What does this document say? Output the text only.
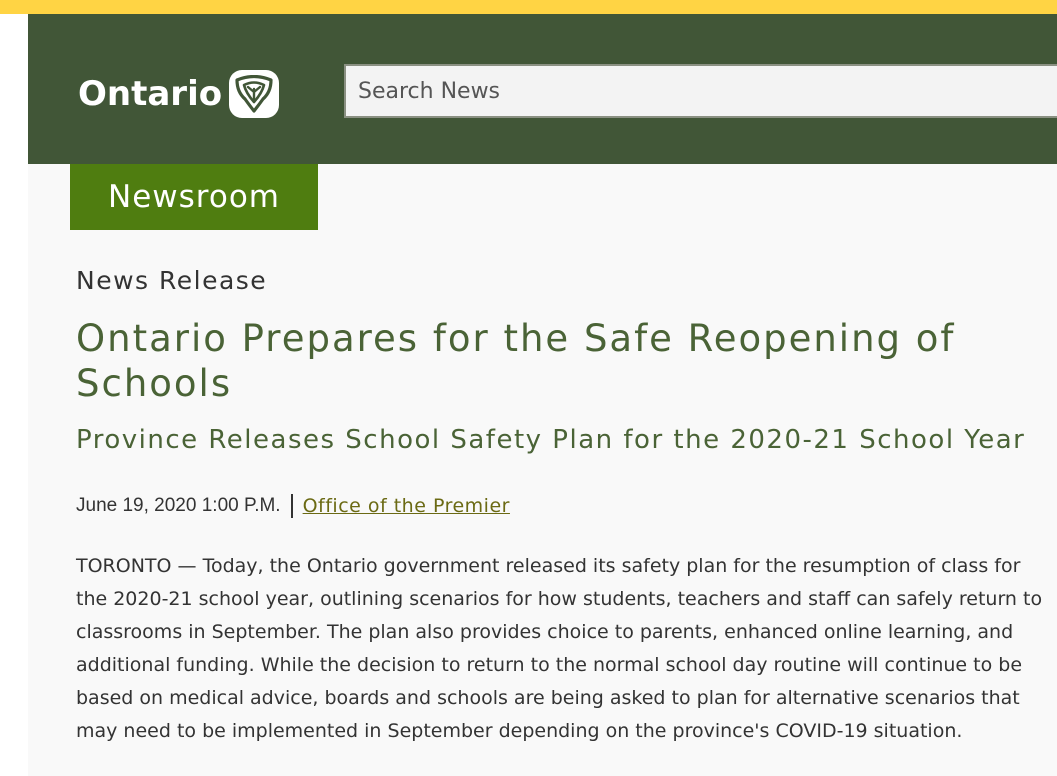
Ontario
Search News
Newsroom
News Release
Ontario Prepares for the Safe Reopening of Schools
Province Releases School Safety Plan for the 2020-21 School Year
June 19, 2020 1:00 P.M. Office of the Premier

TORONTO — Today, the Ontario government released its safety plan for the resumption of class for the 2020-21 school year, outlining scenarios for how students, teachers and staff can safely return to classrooms in September. The plan also provides choice to parents, enhanced online learning, and additional funding. While the decision to return to the normal school day routine will continue to be based on medical advice, boards and schools are being asked to plan for alternative scenarios that may need to be implemented in September depending on the province's COVID-19 situation.
